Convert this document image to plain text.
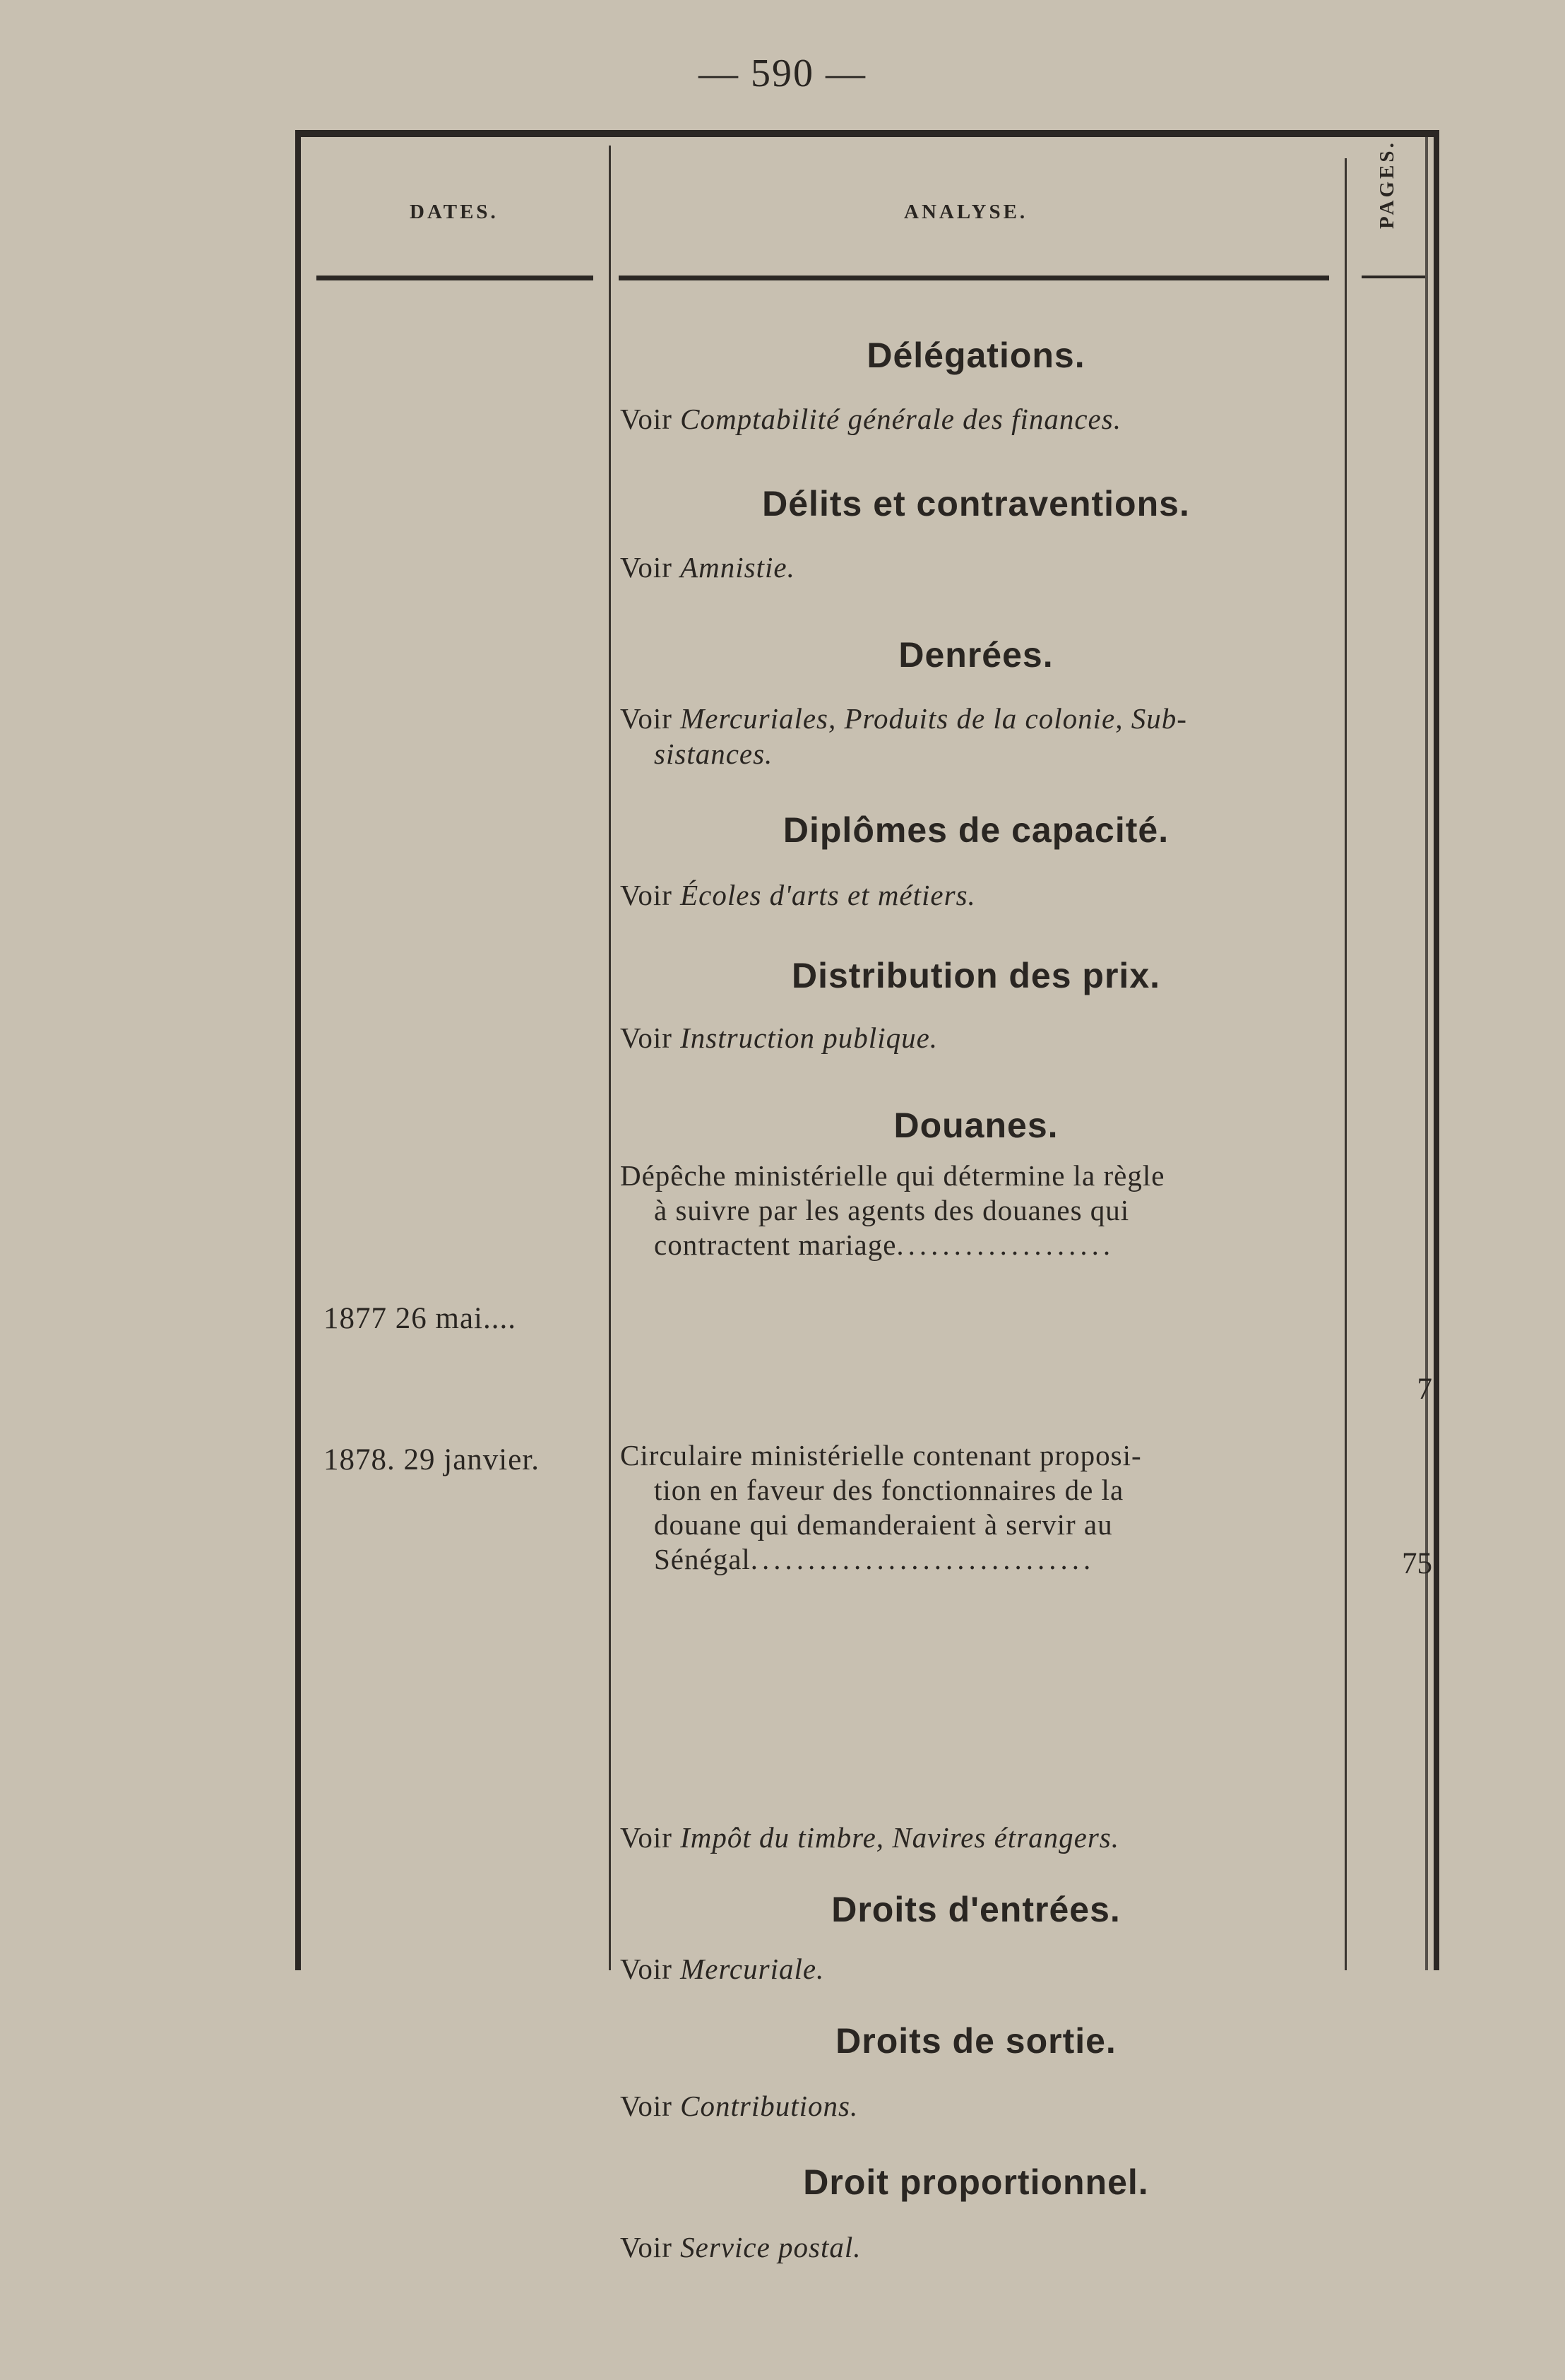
— 590 —
DATES.	ANALYSE.	PAGES.
1877 26 mai....
7
1878. 29 janvier.
75
Délégations.

Voir Comptabilité générale des finances.

Délits et contraventions.

Voir Amnistie.

Denrées.

Voir Mercuriales, Produits de la colonie, Sub-
sistances.

Diplômes de capacité.

Voir Écoles d'arts et métiers.

Distribution des prix.

Voir Instruction publique.

Douanes.
Dépêche ministérielle qui détermine la règle
à suivre par les agents des douanes qui
contractent mariage...................
Circulaire ministérielle contenant proposi-
tion en faveur des fonctionnaires de la
douane qui demanderaient à servir au
Sénégal..............................

Voir Impôt du timbre, Navires étrangers.

Droits d'entrées.

Voir Mercuriale.

Droits de sortie.

Voir Contributions.

Droit proportionnel.

Voir Service postal.
